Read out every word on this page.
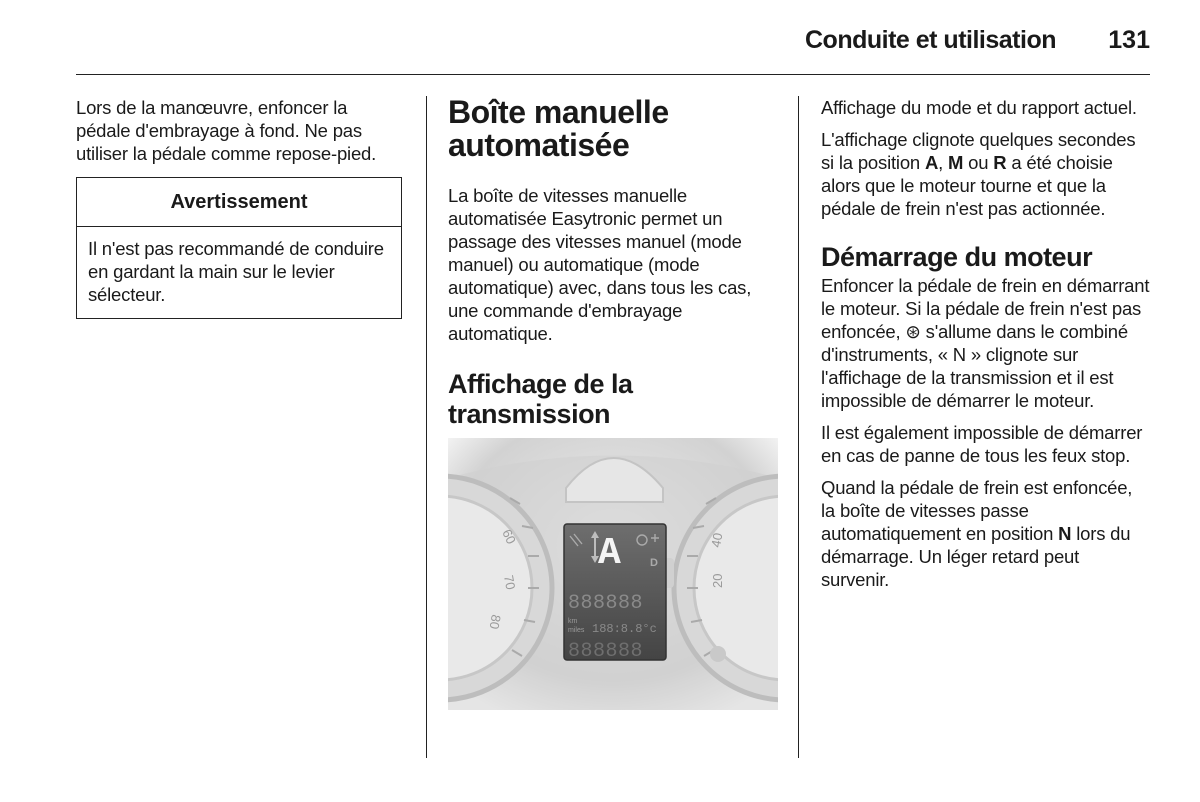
Conduite et utilisation	131

Lors de la manœuvre, enfoncer la pédale d'embrayage à fond. Ne pas utiliser la pédale comme repose-pied.

Avertissement

Il n'est pas recommandé de conduire en gardant la main sur le levier sélecteur.

Boîte manuelle automatisée

La boîte de vitesses manuelle automatisée Easytronic permet un passage des vitesses manuel (mode manuel) ou automatique (mode automatique) avec, dans tous les cas, une commande d'embrayage automatique.

Affichage de la transmission
60
70
80
40
20
A	D
888888
km
miles 188:8.8°c
888888

Affichage du mode et du rapport actuel.

L'affichage clignote quelques secondes si la position A, M ou R a été choisie alors que le moteur tourne et que la pédale de frein n'est pas actionnée.

Démarrage du moteur

Enfoncer la pédale de frein en démarrant le moteur. Si la pédale de frein n'est pas enfoncée, ⊛ s'allume dans le combiné d'instruments, « N » clignote sur l'affichage de la transmission et il est impossible de démarrer le moteur.

Il est également impossible de démarrer en cas de panne de tous les feux stop.

Quand la pédale de frein est enfoncée, la boîte de vitesses passe automatiquement en position N lors du démarrage. Un léger retard peut survenir.
